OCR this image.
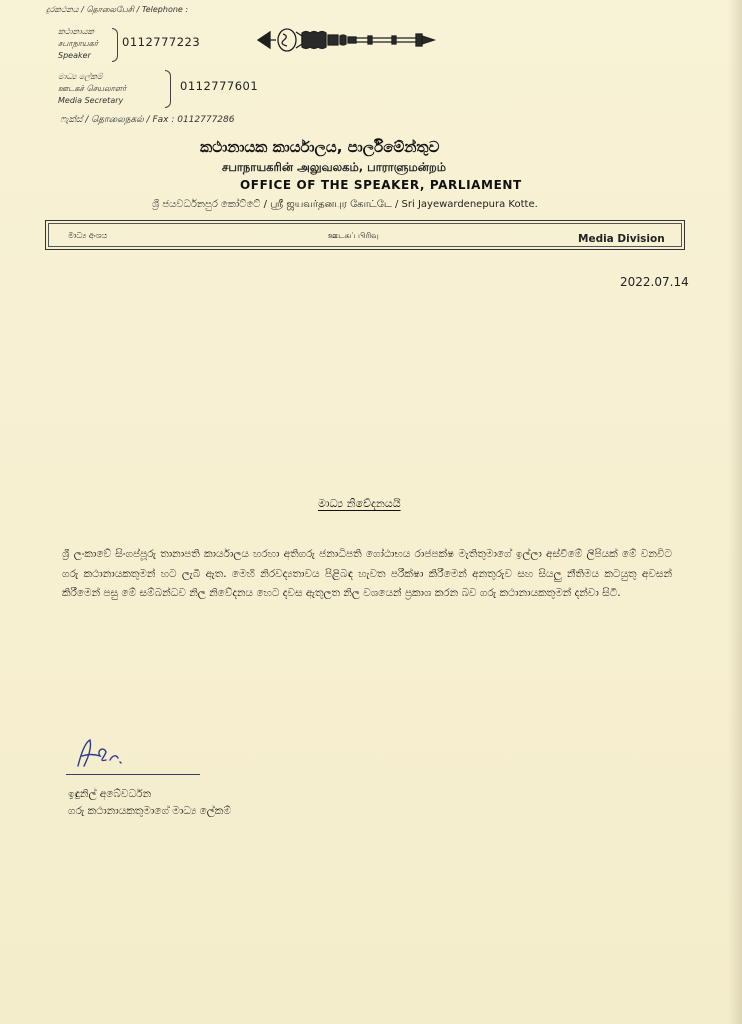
දුරකථනය / தொலைபேசி / Telephone :
කථානායක
சபாநாயகர்
Speaker
0112777223
මාධ්‍ය ලේකම්
ஊடகச் செயலாளர்
Media Secretary
0112777601
ෆැක්ස් / தொலைநகல் / Fax : 0112777286
කථානායක කාර්යාලය, පාර්ලිමේන්තුව
சபாநாயகரின் அலுவலகம், பாராளுமன்றம்
OFFICE OF THE SPEAKER, PARLIAMENT
ශ්‍රී ජයවර්ධනපුර කෝට්ටේ / ஸ்ரீ ஜயவர்தனபுர கோட்டே / Sri Jayewardenepura Kotte.
මාධ්‍ය අංශය	ஊடகப் பிரிவு	Media Division
2022.07.14
මාධ්‍ය නිවේදනයයි
ශ්‍රී ලංකාවේ සිංගප්පූරු තානාපති කාර්යාලය හරහා අතිගරු ජනාධිපති ගෝඨාභය රාජපක්ෂ මැතිතුමාගේ ඉල්ලා අස්වීමේ ලිපියක් මේ වනවිට ගරු කථානායකතුමන් හට ලැබී ඇත. මෙහි නිරවද්‍යතාවය පිළිබඳ හැවත පරීක්ෂා කිරීමෙන් අනතුරුව සහ සියලු නීතිමය කටයුතු අවසන් කිරීමෙන් පසු මේ සම්බන්ධව නිල නිවේදනය හෙට දවස ඇතුලත නිල වශයෙන් ප්‍රකාශ කරන බව ගරු කථානායකතුමන් දන්වා සිටී.
ඉඳුනිල් අබේවර්ධන
ගරු කථානායකතුමාගේ මාධ්‍ය ලේකම්
